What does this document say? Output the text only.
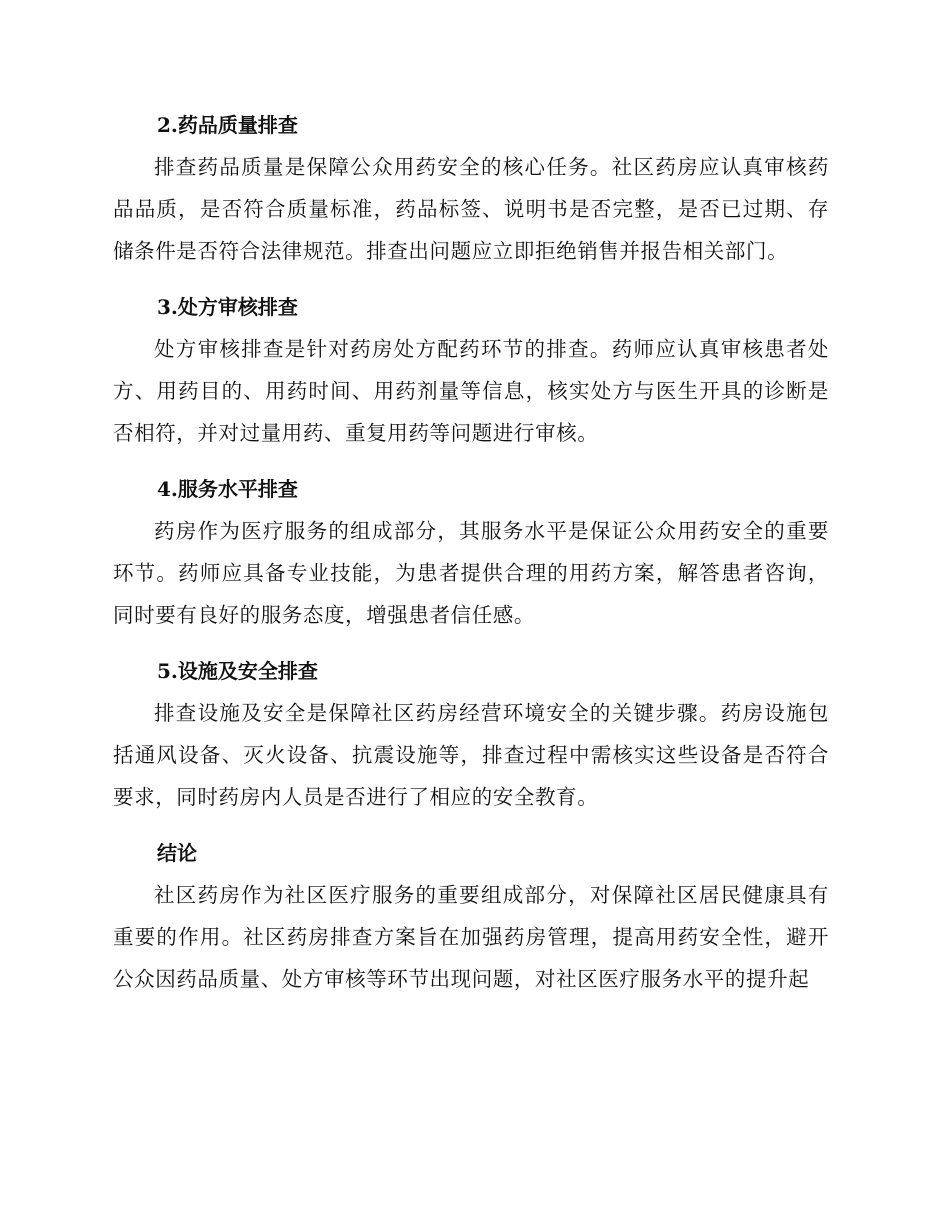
2.药品质量排查

排查药品质量是保障公众用药安全的核心任务。社区药房应认真审核药品品质，是否符合质量标准，药品标签、说明书是否完整，是否已过期、存储条件是否符合法律规范。排查出问题应立即拒绝销售并报告相关部门。

3.处方审核排查

处方审核排查是针对药房处方配药环节的排查。药师应认真审核患者处方、用药目的、用药时间、用药剂量等信息，核实处方与医生开具的诊断是否相符，并对过量用药、重复用药等问题进行审核。

4.服务水平排查

药房作为医疗服务的组成部分，其服务水平是保证公众用药安全的重要环节。药师应具备专业技能，为患者提供合理的用药方案，解答患者咨询，同时要有良好的服务态度，增强患者信任感。

5.设施及安全排查

排查设施及安全是保障社区药房经营环境安全的关键步骤。药房设施包括通风设备、灭火设备、抗震设施等，排查过程中需核实这些设备是否符合要求，同时药房内人员是否进行了相应的安全教育。

结论

社区药房作为社区医疗服务的重要组成部分，对保障社区居民健康具有重要的作用。社区药房排查方案旨在加强药房管理，提高用药安全性，避开公众因药品质量、处方审核等环节出现问题，对社区医疗服务水平的提升起
